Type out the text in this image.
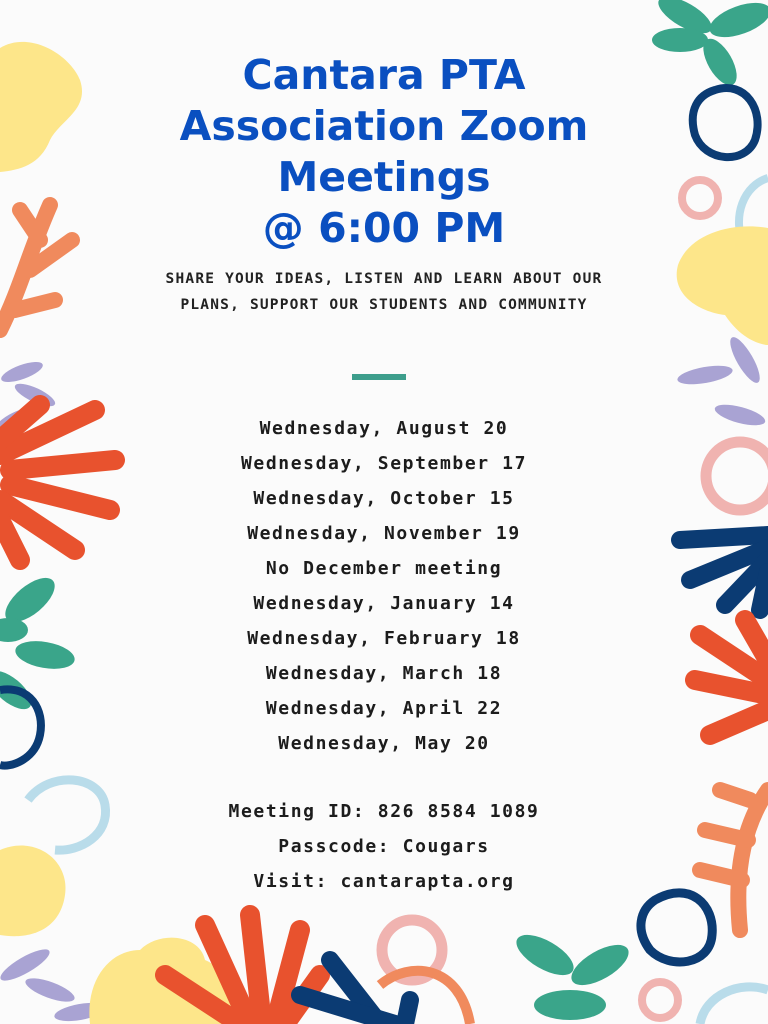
Cantara PTA
Association Zoom
Meetings
@ 6:00 PM

SHARE YOUR IDEAS, LISTEN AND LEARN ABOUT OUR PLANS, SUPPORT OUR STUDENTS AND COMMUNITY

Wednesday, August 20
Wednesday, September 17
Wednesday, October 15
Wednesday, November 19
No December meeting
Wednesday, January 14
Wednesday, February 18
Wednesday, March 18
Wednesday, April 22
Wednesday, May 20
Meeting ID: 826 8584 1089
Passcode: Cougars
Visit: cantarapta.org
